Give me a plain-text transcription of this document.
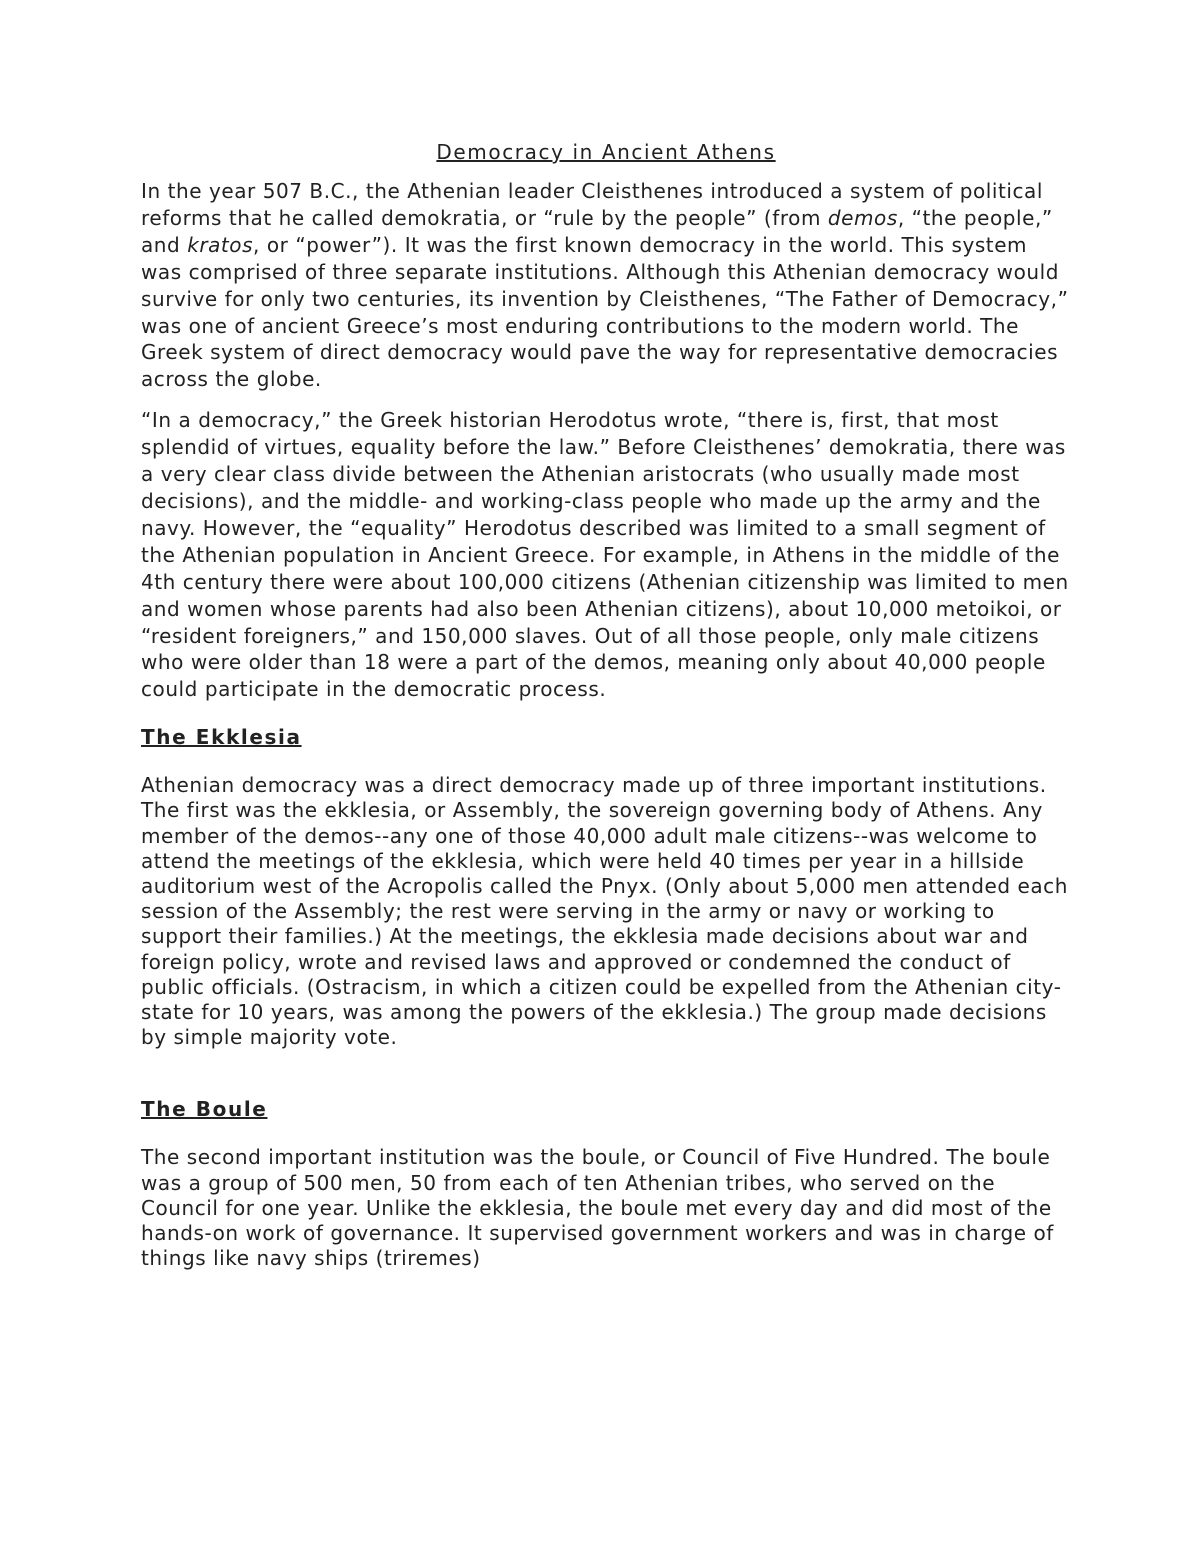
Democracy in Ancient Athens

In the year 507 B.C., the Athenian leader Cleisthenes introduced a system of political reforms that he called demokratia, or “rule by the people” (from demos, “the people,” and kratos, or “power”). It was the first known democracy in the world. This system was comprised of three separate institutions. Although this Athenian democracy would survive for only two centuries, its invention by Cleisthenes, “The Father of Democracy,” was one of ancient Greece’s most enduring contributions to the modern world. The Greek system of direct democracy would pave the way for representative democracies across the globe.

“In a democracy,” the Greek historian Herodotus wrote, “there is, first, that most splendid of virtues, equality before the law.” Before Cleisthenes’ demokratia, there was a very clear class divide between the Athenian aristocrats (who usually made most decisions), and the middle- and working-class people who made up the army and the navy. However, the “equality” Herodotus described was limited to a small segment of the Athenian population in Ancient Greece. For example, in Athens in the middle of the 4th century there were about 100,000 citizens (Athenian citizenship was limited to men and women whose parents had also been Athenian citizens), about 10,000 metoikoi, or “resident foreigners,” and 150,000 slaves. Out of all those people, only male citizens who were older than 18 were a part of the demos, meaning only about 40,000 people could participate in the democratic process.

The Ekklesia

Athenian democracy was a direct democracy made up of three important institutions. The first was the ekklesia, or Assembly, the sovereign governing body of Athens. Any member of the demos--any one of those 40,000 adult male citizens--was welcome to attend the meetings of the ekklesia, which were held 40 times per year in a hillside auditorium west of the Acropolis called the Pnyx. (Only about 5,000 men attended each session of the Assembly; the rest were serving in the army or navy or working to support their families.) At the meetings, the ekklesia made decisions about war and foreign policy, wrote and revised laws and approved or condemned the conduct of public officials. (Ostracism, in which a citizen could be expelled from the Athenian city-state for 10 years, was among the powers of the ekklesia.) The group made decisions by simple majority vote.

The Boule

The second important institution was the boule, or Council of Five Hundred. The boule was a group of 500 men, 50 from each of ten Athenian tribes, who served on the Council for one year. Unlike the ekklesia, the boule met every day and did most of the hands-on work of governance. It supervised government workers and was in charge of things like navy ships (triremes)
